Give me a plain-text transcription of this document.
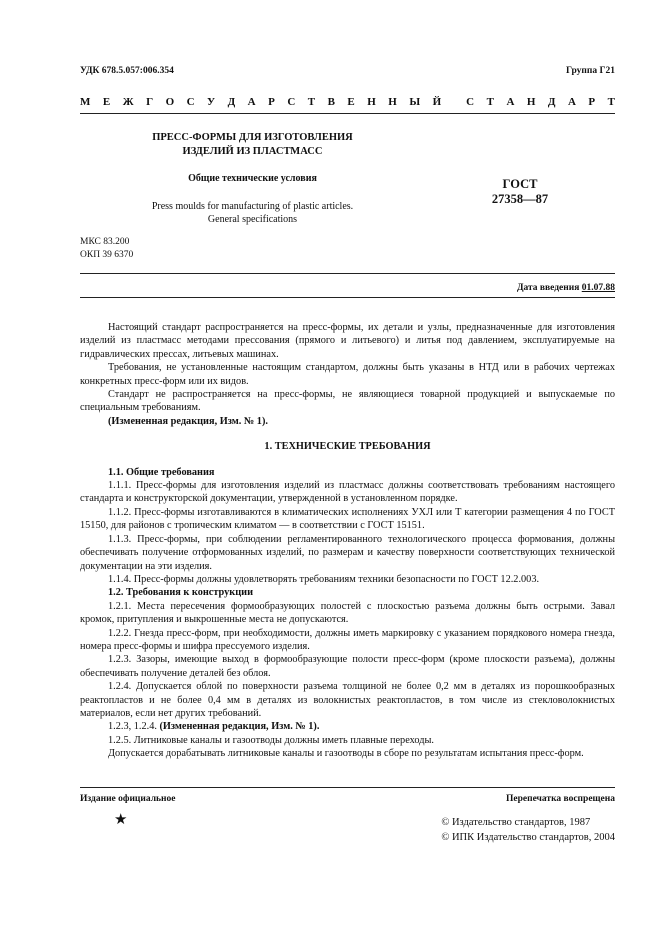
УДК 678.5.057:006.354	Группа Г21
М Е Ж Г О С У Д А Р С Т В Е Н Н Ы Й С Т А Н Д А Р Т
ПРЕСС-ФОРМЫ ДЛЯ ИЗГОТОВЛЕНИЯ
ИЗДЕЛИЙ ИЗ ПЛАСТМАСС
Общие технические условия
Press moulds for manufacturing of plastic articles.
General specifications
ГОСТ
27358—87
МКС 83.200
ОКП 39 6370
Дата введения 01.07.88

Настоящий стандарт распространяется на пресс-формы, их детали и узлы, предназначенные для изготовления изделий из пластмасс методами прессования (прямого и литьевого) и литья под давлением, эксплуатируемые на гидравлических прессах, литьевых машинах.

Требования, не установленные настоящим стандартом, должны быть указаны в НТД или в рабочих чертежах конкретных пресс-форм или их видов.

Стандарт не распространяется на пресс-формы, не являющиеся товарной продукцией и выпускаемые по специальным требованиям.

(Измененная редакция, Изм. № 1).

1. ТЕХНИЧЕСКИЕ ТРЕБОВАНИЯ

1.1. Общие требования

1.1.1. Пресс-формы для изготовления изделий из пластмасс должны соответствовать требованиям настоящего стандарта и конструкторской документации, утвержденной в установленном порядке.

1.1.2. Пресс-формы изготавливаются в климатических исполнениях УХЛ или Т категории размещения 4 по ГОСТ 15150, для районов с тропическим климатом — в соответствии с ГОСТ 15151.

1.1.3. Пресс-формы, при соблюдении регламентированного технологического процесса формования, должны обеспечивать получение отформованных изделий, по размерам и качеству поверхности соответствующих технической документации на эти изделия.

1.1.4. Пресс-формы должны удовлетворять требованиям техники безопасности по ГОСТ 12.2.003.

1.2. Требования к конструкции

1.2.1. Места пересечения формообразующих полостей с плоскостью разъема должны быть острыми. Завал кромок, притупления и выкрошенные места не допускаются.

1.2.2. Гнезда пресс-форм, при необходимости, должны иметь маркировку с указанием порядкового номера гнезда, номера пресс-формы и шифра прессуемого изделия.

1.2.3. Зазоры, имеющие выход в формообразующие полости пресс-форм (кроме плоскости разъема), должны обеспечивать получение деталей без облоя.

1.2.4. Допускается облой по поверхности разъема толщиной не более 0,2 мм в деталях из порошкообразных реактопластов и не более 0,4 мм в деталях из волокнистых реактопластов, в том числе из стекловолокнистых материалов, если нет других требований.

1.2.3, 1.2.4. (Измененная редакция, Изм. № 1).

1.2.5. Литниковые каналы и газоотводы должны иметь плавные переходы.

Допускается дорабатывать литниковые каналы и газоотводы в сборе по результатам испытания пресс-форм.

Издание официальное	Перепечатка воспрещена
★	© Издательство стандартов, 1987
© ИПК Издательство стандартов, 2004
